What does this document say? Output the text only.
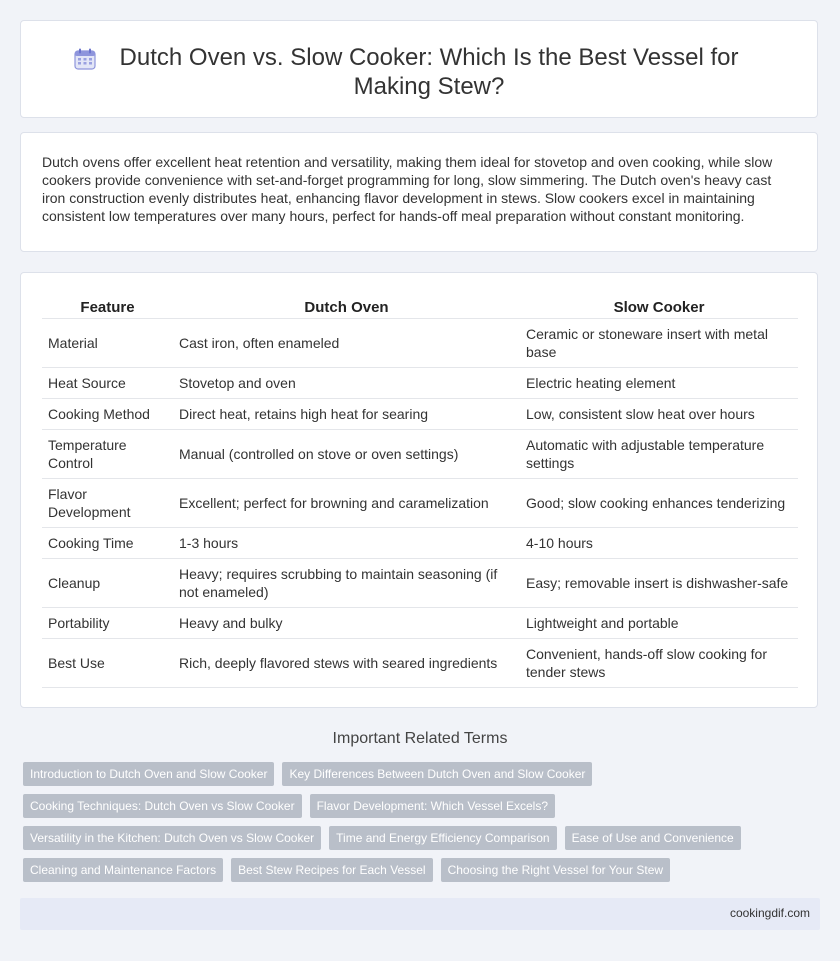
Dutch Oven vs. Slow Cooker: Which Is the Best Vessel for Making Stew?

Dutch ovens offer excellent heat retention and versatility, making them ideal for stovetop and oven cooking, while slow cookers provide convenience with set-and-forget programming for long, slow simmering. The Dutch oven's heavy cast iron construction evenly distributes heat, enhancing flavor development in stews. Slow cookers excel in maintaining consistent low temperatures over many hours, perfect for hands-off meal preparation without constant monitoring.

Feature	Dutch Oven	Slow Cooker
Material	Cast iron, often enameled	Ceramic or stoneware insert with metal base
Heat Source	Stovetop and oven	Electric heating element
Cooking Method	Direct heat, retains high heat for searing	Low, consistent slow heat over hours
Temperature Control	Manual (controlled on stove or oven settings)	Automatic with adjustable temperature settings
Flavor Development	Excellent; perfect for browning and caramelization	Good; slow cooking enhances tenderizing
Cooking Time	1-3 hours	4-10 hours
Cleanup	Heavy; requires scrubbing to maintain seasoning (if not enameled)	Easy; removable insert is dishwasher-safe
Portability	Heavy and bulky	Lightweight and portable
Best Use	Rich, deeply flavored stews with seared ingredients	Convenient, hands-off slow cooking for tender stews
Important Related Terms
Introduction to Dutch Oven and Slow Cooker	Key Differences Between Dutch Oven and Slow Cooker
Cooking Techniques: Dutch Oven vs Slow Cooker	Flavor Development: Which Vessel Excels?
Versatility in the Kitchen: Dutch Oven vs Slow Cooker	Time and Energy Efficiency Comparison	Ease of Use and Convenience
Cleaning and Maintenance Factors	Best Stew Recipes for Each Vessel	Choosing the Right Vessel for Your Stew
cookingdif.com
